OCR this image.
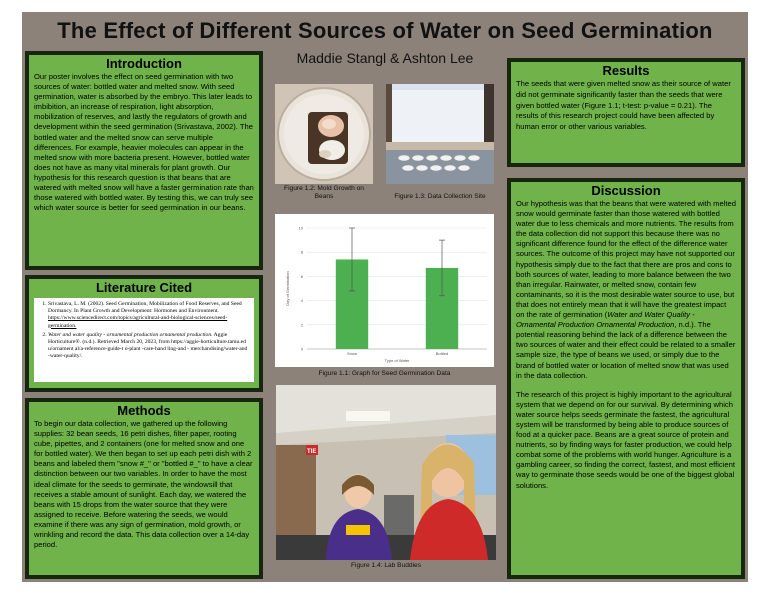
The Effect of Different Sources of Water on Seed Germination
Maddie Stangl & Ashton Lee
Introduction

Our poster involves the effect on seed germination with two sources of water: bottled water and melted snow. With seed germination, water is absorbed by the embryo. This later leads to imbibition, an increase of respiration, light absorption, mobilization of reserves, and lastly the regulators of growth and development within the seed germination (Srivastava, 2002). The bottled water and the melted snow can serve multiple differences. For example, heavier molecules can appear in the melted snow with more bacteria present. However, bottled water does not have as many vital minerals for plant growth. Our hypothesis for this research question is that beans that are watered with melted snow will have a faster germination rate than those watered with bottled water. By testing this, we can truly see which water source is better for seed germination in our beans.

Literature Cited
1. Srivastava, L. M. (2002). Seed Germination, Mobilization of Food Reserves, and Seed Dormancy. In Plant Growth and Development: Hormones and Environment. https://www.sciencedirect.com/topics/agricultural-and-biological-sciences/seed-germination.
2. Water and water quality - ornamental production ornamental production. Aggie Horticulture®. (n.d.). Retrieved March 20, 2023, from https://aggie-horticulture.tamu.ed u/ornament al/a-reference-guide-t o-plant -care-hand ling-and - merchandising/water-and -water-quality/.
Methods

To begin our data collection, we gathered up the following supplies: 32 bean seeds, 16 petri dishes, filter paper, rooting cube, pipettes, and 2 containers (one for melted snow and one for bottled water). We then began to set up each petri dish with 2 beans and labeled them "snow #_" or "bottled #_" to have a clear distinction between our two variables. In order to have the most ideal climate for the seeds to germinate, the windowsill that receives a stable amount of sunlight. Each day, we watered the beans with 15 drops from the water source that they were assigned to receive. Before watering the seeds, we would examine if there was any sign of germination, mold growth, or wrinkling and record the data. This data collection over a 14-day period.

Results

The seeds that were given melted snow as their source of water did not germinate significantly faster than the seeds that were given bottled water (Figure 1.1; t-test: p-value = 0.21). The results of this research project could have been affected by human error or other various variables.

Discussion

Our hypothesis was that the beans that were watered with melted snow would germinate faster than those watered with bottled water due to less chemicals and more nutrients. The results from the data collection did not support this because there was no significant difference found for the effect of the difference water sources. The outcome of this project may have not supported our hypothesis simply due to the fact that there are pros and cons to both sources of water, leading to more balance between the two than irregular. Rainwater, or melted snow, contain few contaminants, so it is the most desirable water source to use, but that does not entirely mean that it will have the greatest impact on the rate of germination (Water and Water Quality - Ornamental Production Ornamental Production, n.d.). The potential reasoning behind the lack of a difference between the two sources of water and their effect could be related to a smaller sample size, the type of beans we used, or simply due to the brand of bottled water or location of melted snow that was used in the data collection.

The research of this project is highly important to the agricultural system that we depend on for our survival. By determining which water source helps seeds germinate the fastest, the agricultural system will be transformed by being able to produce sources of food at a quicker pace. Beans are a great source of protein and nutrients, so by finding ways for faster production, we could help combat some of the problems with world hunger. Agriculture is a gambling career, so finding the correct, fastest, and most efficient way to germinate those seeds would be one of the biggest global solutions.

Figure 1.2: Mold Growth on Beans	Figure 1.3: Data Collection Site
0
2
4
6
8
10
Snow	Bottled
Type of Water
Day of Germination
Figure 1.1: Graph for Seed Germination Data
TIE
Figure 1.4: Lab Buddies
